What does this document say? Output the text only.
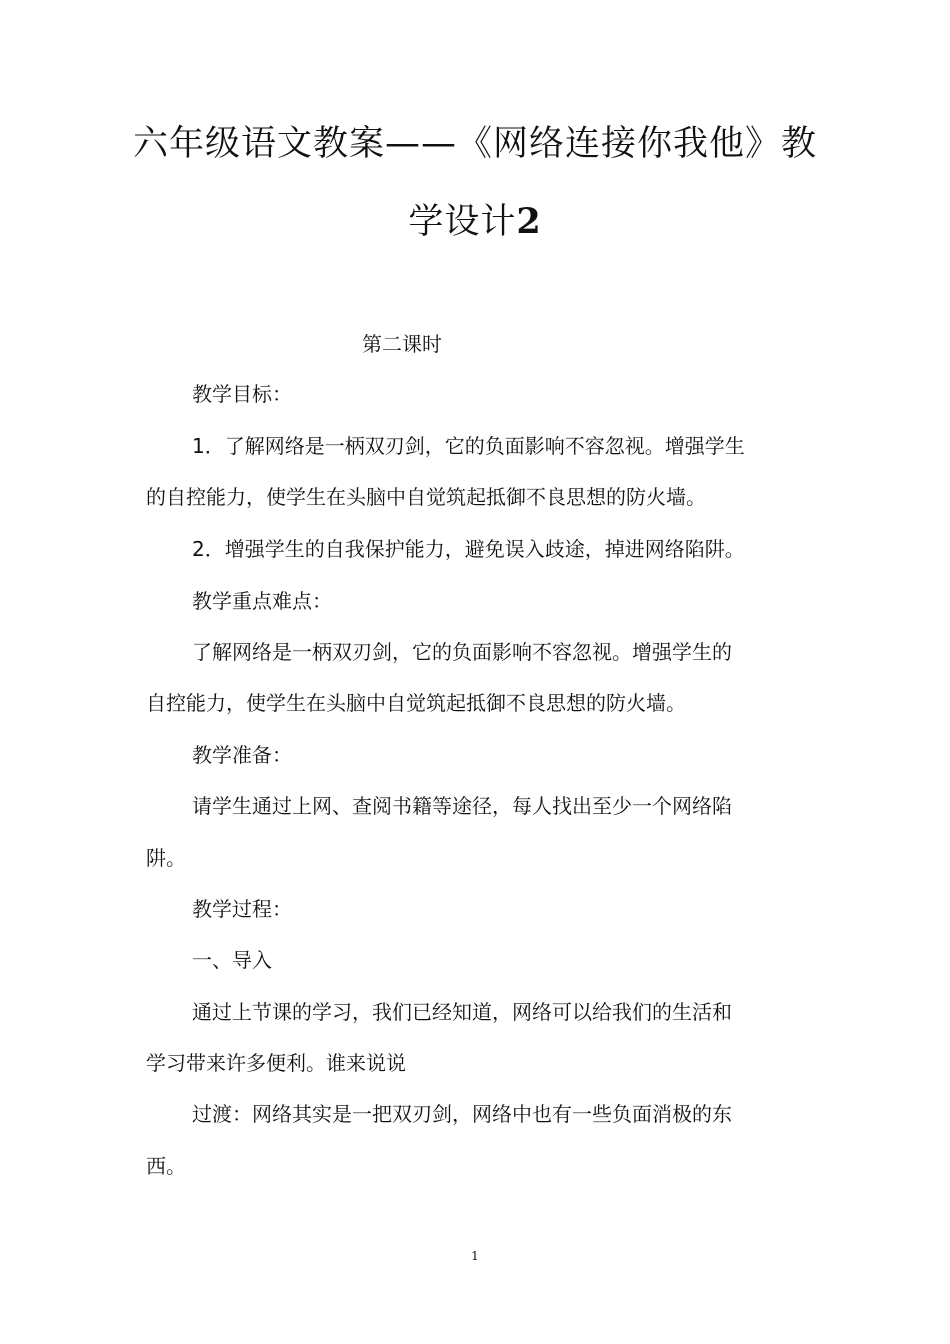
六年级语文教案——《网络连接你我他》教
学设计2
第二课时
教学目标：
1．了解网络是一柄双刃剑，它的负面影响不容忽视。增强学生
的自控能力，使学生在头脑中自觉筑起抵御不良思想的防火墙。
2．增强学生的自我保护能力，避免误入歧途，掉进网络陷阱。
教学重点难点：
了解网络是一柄双刃剑，它的负面影响不容忽视。增强学生的
自控能力，使学生在头脑中自觉筑起抵御不良思想的防火墙。
教学准备：
请学生通过上网、查阅书籍等途径，每人找出至少一个网络陷
阱。
教学过程：
一、导入
通过上节课的学习，我们已经知道，网络可以给我们的生活和
学习带来许多便利。谁来说说
过渡：网络其实是一把双刃剑，网络中也有一些负面消极的东
西。
1
